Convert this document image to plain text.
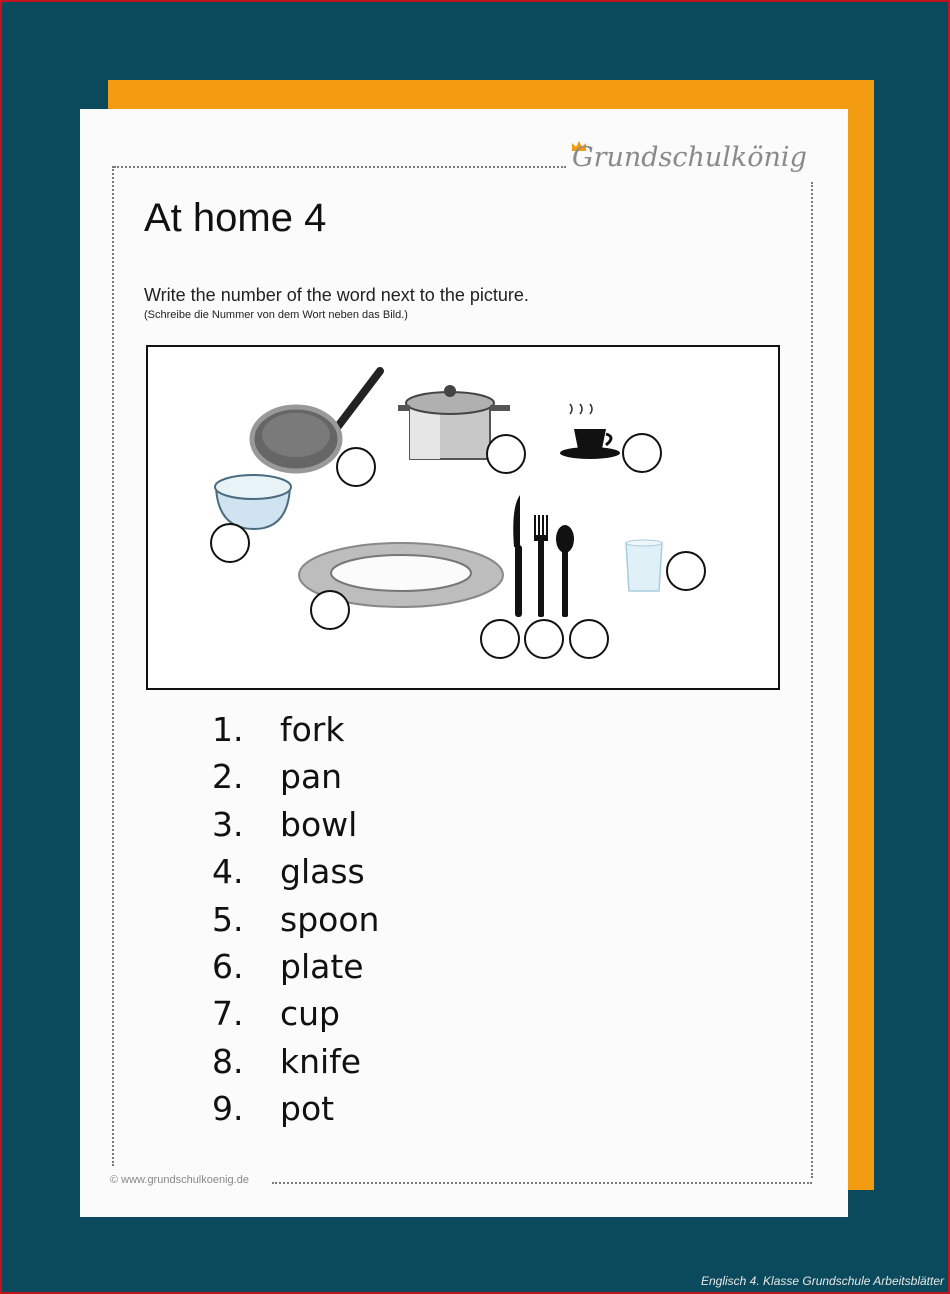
Grundschulkönig
At home 4
Write the number of the word next to the picture.
(Schreibe die Nummer von dem Wort neben das Bild.)
1. fork
2. pan
3. bowl
4. glass
5. spoon
6. plate
7. cup
8. knife
9. pot
© www.grundschulkoenig.de
Englisch 4. Klasse Grundschule Arbeitsblätter
